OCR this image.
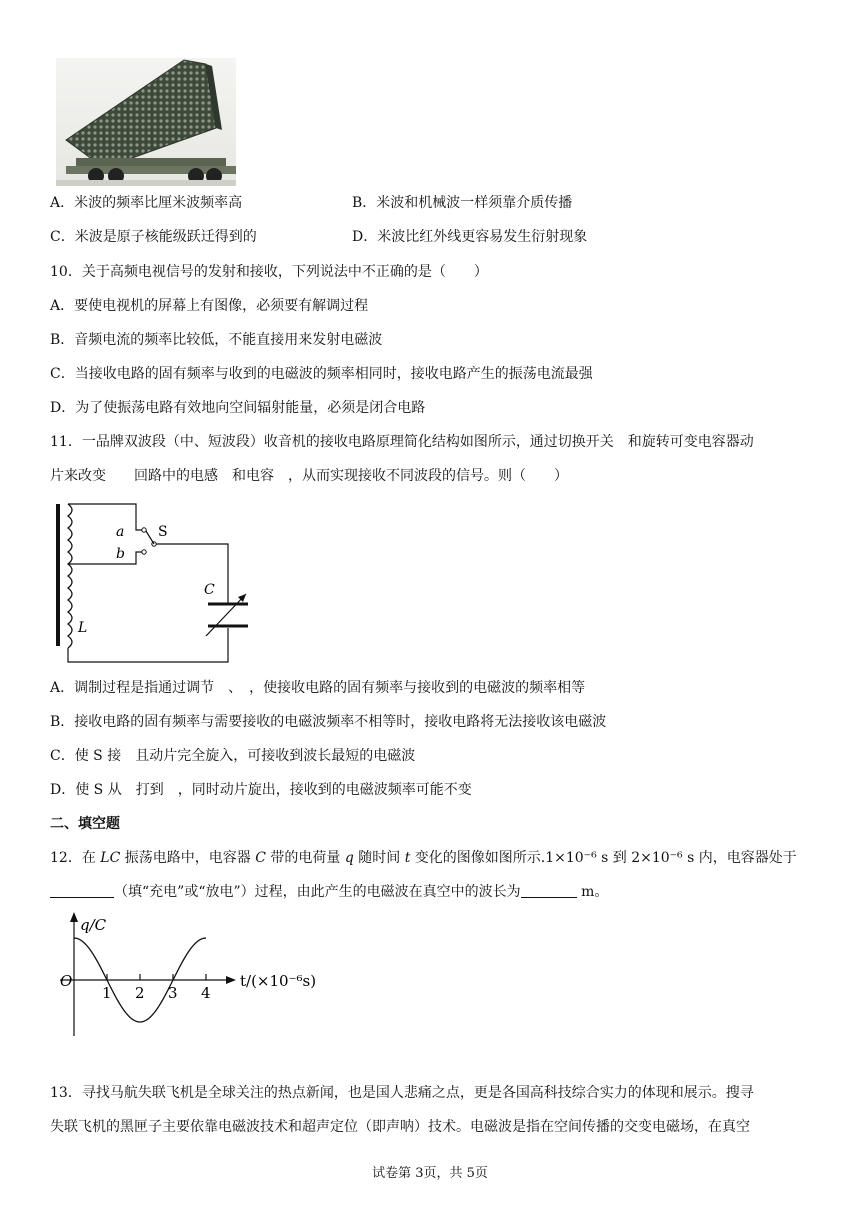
A．米波的频率比厘米波频率高	B．米波和机械波一样须靠介质传播
C．米波是原子核能级跃迁得到的	D．米波比红外线更容易发生衍射现象
10．关于高频电视信号的发射和接收，下列说法中不正确的是（　　）
A．要使电视机的屏幕上有图像，必须要有解调过程
B．音频电流的频率比较低，不能直接用来发射电磁波
C．当接收电路的固有频率与收到的电磁波的频率相同时，接收电路产生的振荡电流最强
D．为了使振荡电路有效地向空间辐射能量，必须是闭合电路
11．一品牌双波段（中、短波段）收音机的接收电路原理简化结构如图所示，通过切换开关　和旋转可变电容器动
片来改变　　回路中的电感　和电容　，从而实现接收不同波段的信号。则（　　）
a
b
S
C
L
A．调制过程是指通过调节　、　，使接收电路的固有频率与接收到的电磁波的频率相等
B．接收电路的固有频率与需要接收的电磁波频率不相等时，接收电路将无法接收该电磁波
C．使 S 接　且动片完全旋入，可接收到波长最短的电磁波
D．使 S 从　打到　，同时动片旋出，接收到的电磁波频率可能不变
二、填空题
12．在 LC 振荡电路中，电容器 C 带的电荷量 q 随时间 t 变化的图像如图所示.1×10⁻⁶ s 到 2×10⁻⁶ s 内，电容器处于
（填“充电”或“放电”）过程，由此产生的电磁波在真空中的波长为	m。
1 2 3 4
O
q/C
t/(×10⁻⁶s)
13．寻找马航失联飞机是全球关注的热点新闻，也是国人悲痛之点，更是各国高科技综合实力的体现和展示。搜寻
失联飞机的黑匣子主要依靠电磁波技术和超声定位（即声呐）技术。电磁波是指在空间传播的交变电磁场，在真空
试卷第 3页，共 5页
